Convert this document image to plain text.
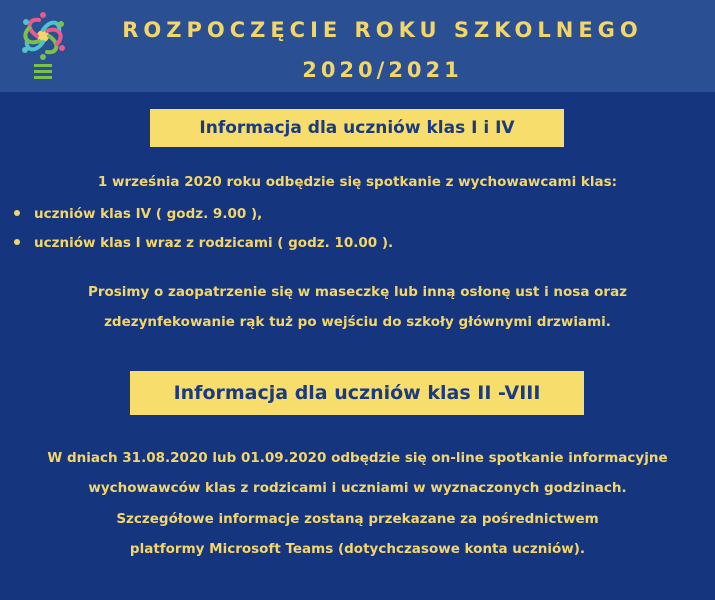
ROZPOCZĘCIE ROKU SZKOLNEGO
2020/2021
Informacja dla uczniów klas I i IV
1 września 2020 roku odbędzie się spotkanie z wychowawcami klas:
uczniów klas IV ( godz. 9.00 ),
uczniów klas I wraz z rodzicami ( godz. 10.00 ).
Prosimy o zaopatrzenie się w maseczkę lub inną osłonę ust i nosa oraz
zdezynfekowanie rąk tuż po wejściu do szkoły głównymi drzwiami.
Informacja dla uczniów klas II -VIII
W dniach 31.08.2020 lub 01.09.2020 odbędzie się on-line spotkanie informacyjne
wychowawców klas z rodzicami i uczniami w wyznaczonych godzinach.
Szczegółowe informacje zostaną przekazane za pośrednictwem
platformy Microsoft Teams (dotychczasowe konta uczniów).
